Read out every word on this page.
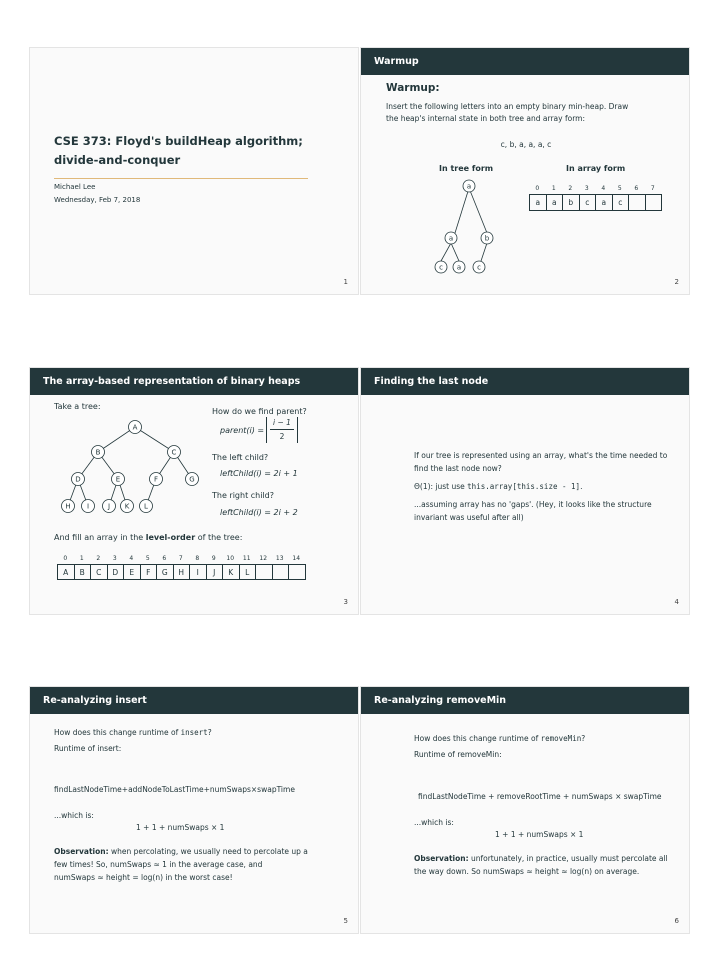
CSE 373: Floyd's buildHeap algorithm;
divide-and-conquer
Michael Lee
Wednesday, Feb 7, 2018
1
Warmup
Warmup:
Insert the following letters into an empty binary min-heap. Draw
the heap's internal state in both tree and array form:
c, b, a, a, a, c
In tree form	In array form
a
a	b
c a c
0	1	2	3	4	5	6	7
a	a	b	c	a	c
2
The array-based representation of binary heaps
Take a tree:
A
B	C
D	E	F	G
H I	J K L
How do we find parent?
parent(i) =
i − 1
2
The left child?
leftChild(i) = 2i + 1
The right child?
leftChild(i) = 2i + 2
And fill an array in the level-order of the tree:
0	1	2	3	4	5	6	7	8	9	10	11	12	13	14
A	B	C	D	E	F	G	H	I	J	K	L
3
Finding the last node
If our tree is represented using an array, what's the time needed to
find the last node now?
Θ(1): just use this.array[this.size - 1].
...assuming array has no 'gaps'. (Hey, it looks like the structure
invariant was useful after all)
4
Re-analyzing insert
How does this change runtime of insert?
Runtime of insert:
findLastNodeTime+addNodeToLastTime+numSwaps×swapTime
...which is:
1 + 1 + numSwaps × 1
Observation: when percolating, we usually need to percolate up a
few times! So, numSwaps ≈ 1 in the average case, and
numSwaps ≈ height = log(n) in the worst case!
5
Re-analyzing removeMin
How does this change runtime of removeMin?
Runtime of removeMin:
findLastNodeTime + removeRootTime + numSwaps × swapTime
...which is:
1 + 1 + numSwaps × 1
Observation: unfortunately, in practice, usually must percolate all
the way down. So numSwaps ≈ height ≈ log(n) on average.
6
